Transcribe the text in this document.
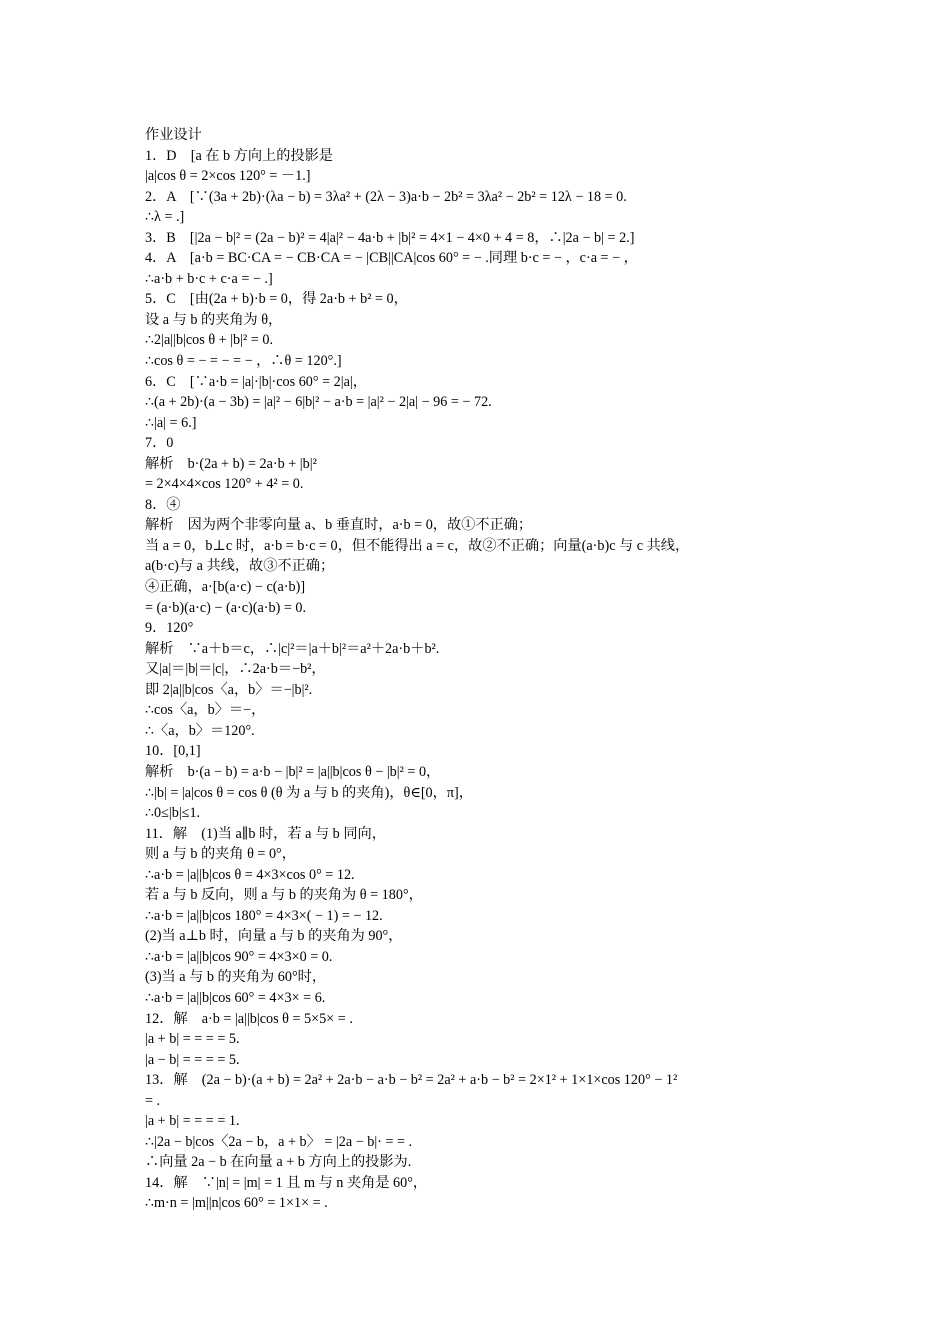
作业设计
1．D　[a 在 b 方向上的投影是
|a|cos θ = 2×cos 120° = －1.]
2．A　[∵(3a + 2b)·(λa − b) = 3λa² + (2λ − 3)a·b − 2b² = 3λa² − 2b² = 12λ − 18 = 0.
∴λ = .]
3．B　[|2a − b|² = (2a − b)² = 4|a|² − 4a·b + |b|² = 4×1 − 4×0 + 4 = 8，∴|2a − b| = 2.]
4．A　[a·b = BC·CA = − CB·CA = − |CB||CA|cos 60° = − .同理 b·c = − ，c·a = − ，
∴a·b + b·c + c·a = − .]
5．C　[由(2a + b)·b = 0，得 2a·b + b² = 0，
设 a 与 b 的夹角为 θ，
∴2|a||b|cos θ + |b|² = 0.
∴cos θ = − = − = − ，∴θ = 120°.]
6．C　[∵a·b = |a|·|b|·cos 60° = 2|a|，
∴(a + 2b)·(a − 3b) = |a|² − 6|b|² − a·b = |a|² − 2|a| − 96 = − 72.
∴|a| = 6.]
7．0
解析　b·(2a + b) = 2a·b + |b|²
= 2×4×4×cos 120° + 4² = 0.
8．④
解析　因为两个非零向量 a、b 垂直时，a·b = 0，故①不正确；
当 a = 0，b⊥c 时，a·b = b·c = 0，但不能得出 a = c，故②不正确；向量(a·b)c 与 c 共线，
a(b·c)与 a 共线，故③不正确；
④正确，a·[b(a·c) − c(a·b)]
= (a·b)(a·c) − (a·c)(a·b) = 0.
9．120°
解析　∵a＋b＝c，∴|c|²＝|a＋b|²＝a²＋2a·b＋b².
又|a|＝|b|＝|c|，∴2a·b＝−b²，
即 2|a||b|cos〈a，b〉＝−|b|².
∴cos〈a，b〉＝−，
∴〈a，b〉＝120°.
10．[0,1]
解析　b·(a − b) = a·b − |b|² = |a||b|cos θ − |b|² = 0，
∴|b| = |a|cos θ = cos θ (θ 为 a 与 b 的夹角)，θ∈[0，π]，
∴0≤|b|≤1.
11．解　(1)当 a∥b 时，若 a 与 b 同向，
则 a 与 b 的夹角 θ = 0°，
∴a·b = |a||b|cos θ = 4×3×cos 0° = 12.
若 a 与 b 反向，则 a 与 b 的夹角为 θ = 180°，
∴a·b = |a||b|cos 180° = 4×3×( − 1) = − 12.
(2)当 a⊥b 时，向量 a 与 b 的夹角为 90°，
∴a·b = |a||b|cos 90° = 4×3×0 = 0.
(3)当 a 与 b 的夹角为 60°时，
∴a·b = |a||b|cos 60° = 4×3× = 6.
12．解　a·b = |a||b|cos θ = 5×5× = .
|a + b| = = = = 5.
|a − b| = = = = 5.
13．解　(2a − b)·(a + b) = 2a² + 2a·b − a·b − b² = 2a² + a·b − b² = 2×1² + 1×1×cos 120° − 1²
= .
|a + b| = = = = 1.
∴|2a − b|cos〈2a − b，a + b〉 = |2a − b|· = = .
∴向量 2a − b 在向量 a + b 方向上的投影为.
14．解　∵|n| = |m| = 1 且 m 与 n 夹角是 60°，
∴m·n = |m||n|cos 60° = 1×1× = .
